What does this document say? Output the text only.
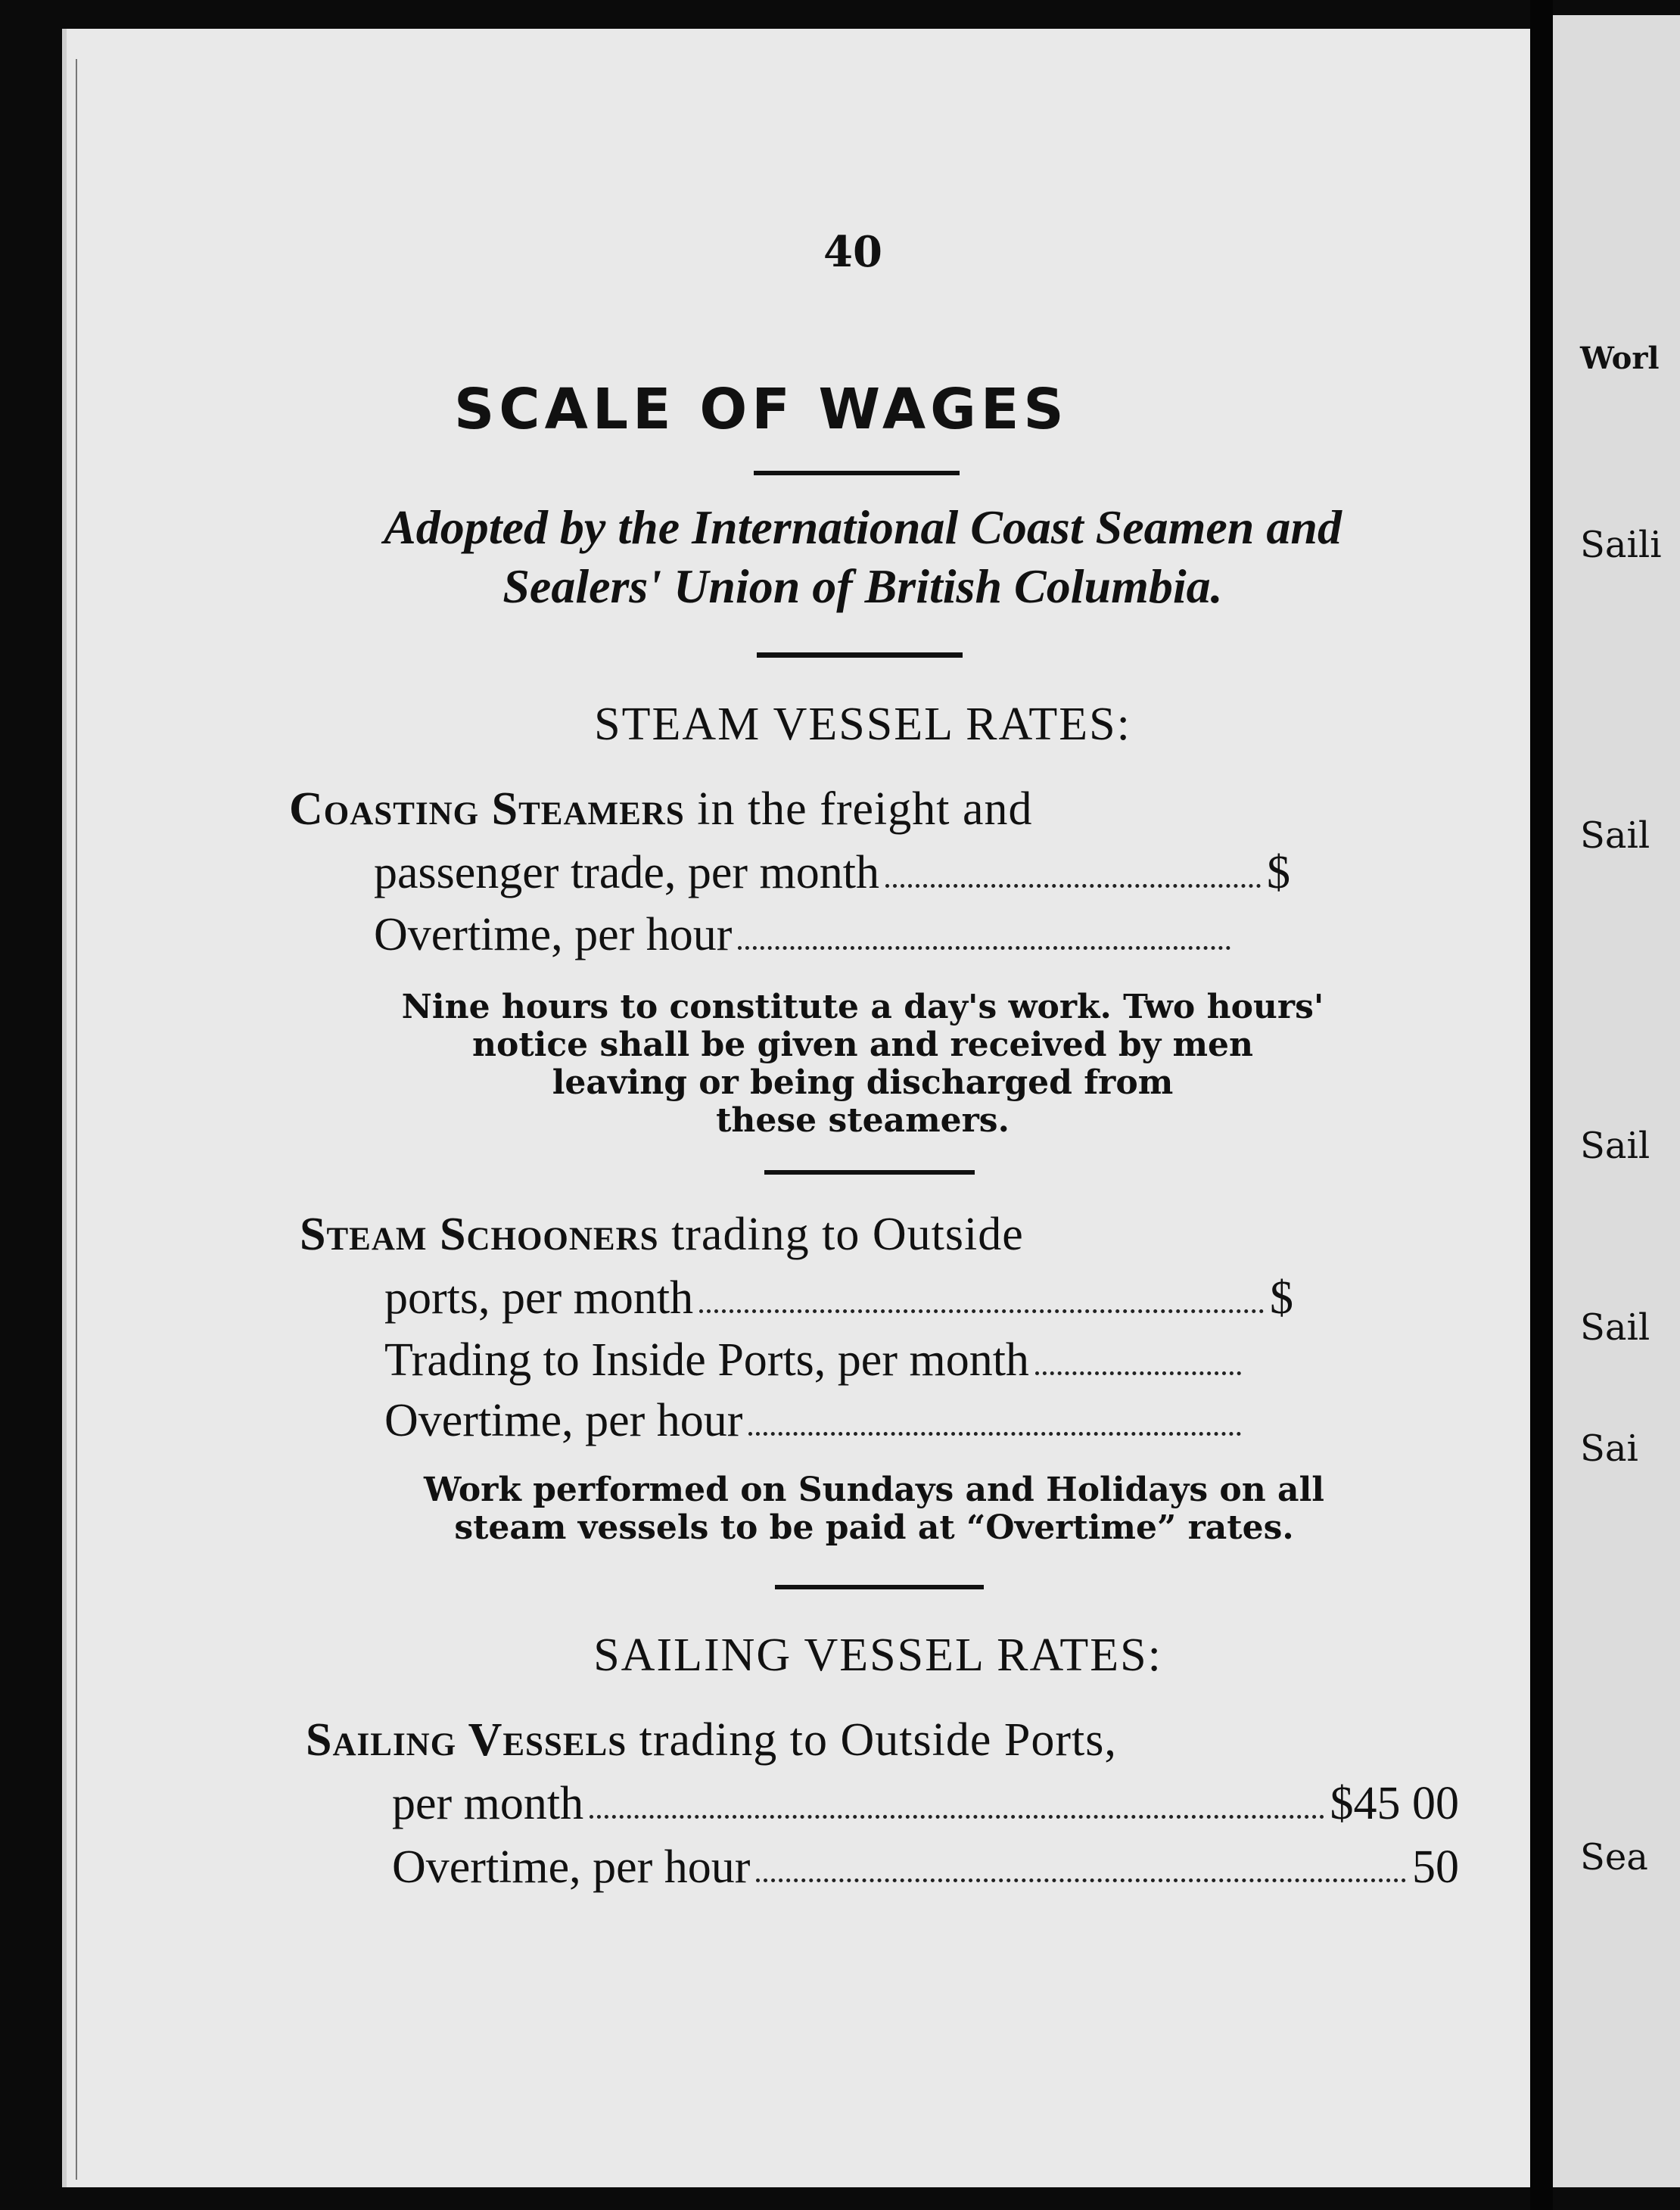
40
SCALE OF WAGES
Adopted by the International Coast Seamen and
Sealers' Union of British Columbia.
STEAM VESSEL RATES:
Coasting Steamers in the freight and
passenger trade, per month	$
Overtime, per hour
Nine hours to constitute a day's work. Two hours'
notice shall be given and received by men
leaving or being discharged from
these steamers.
Steam Schooners trading to Outside
ports, per month	$
Trading to Inside Ports, per month
Overtime, per hour
Work performed on Sundays and Holidays on all
steam vessels to be paid at “Overtime” rates.
SAILING VESSEL RATES:
Sailing Vessels trading to Outside Ports,
per month	$45 00
Overtime, per hour	50
Worl
Saili
Sail
Sail
Sail
Sai
Sea
